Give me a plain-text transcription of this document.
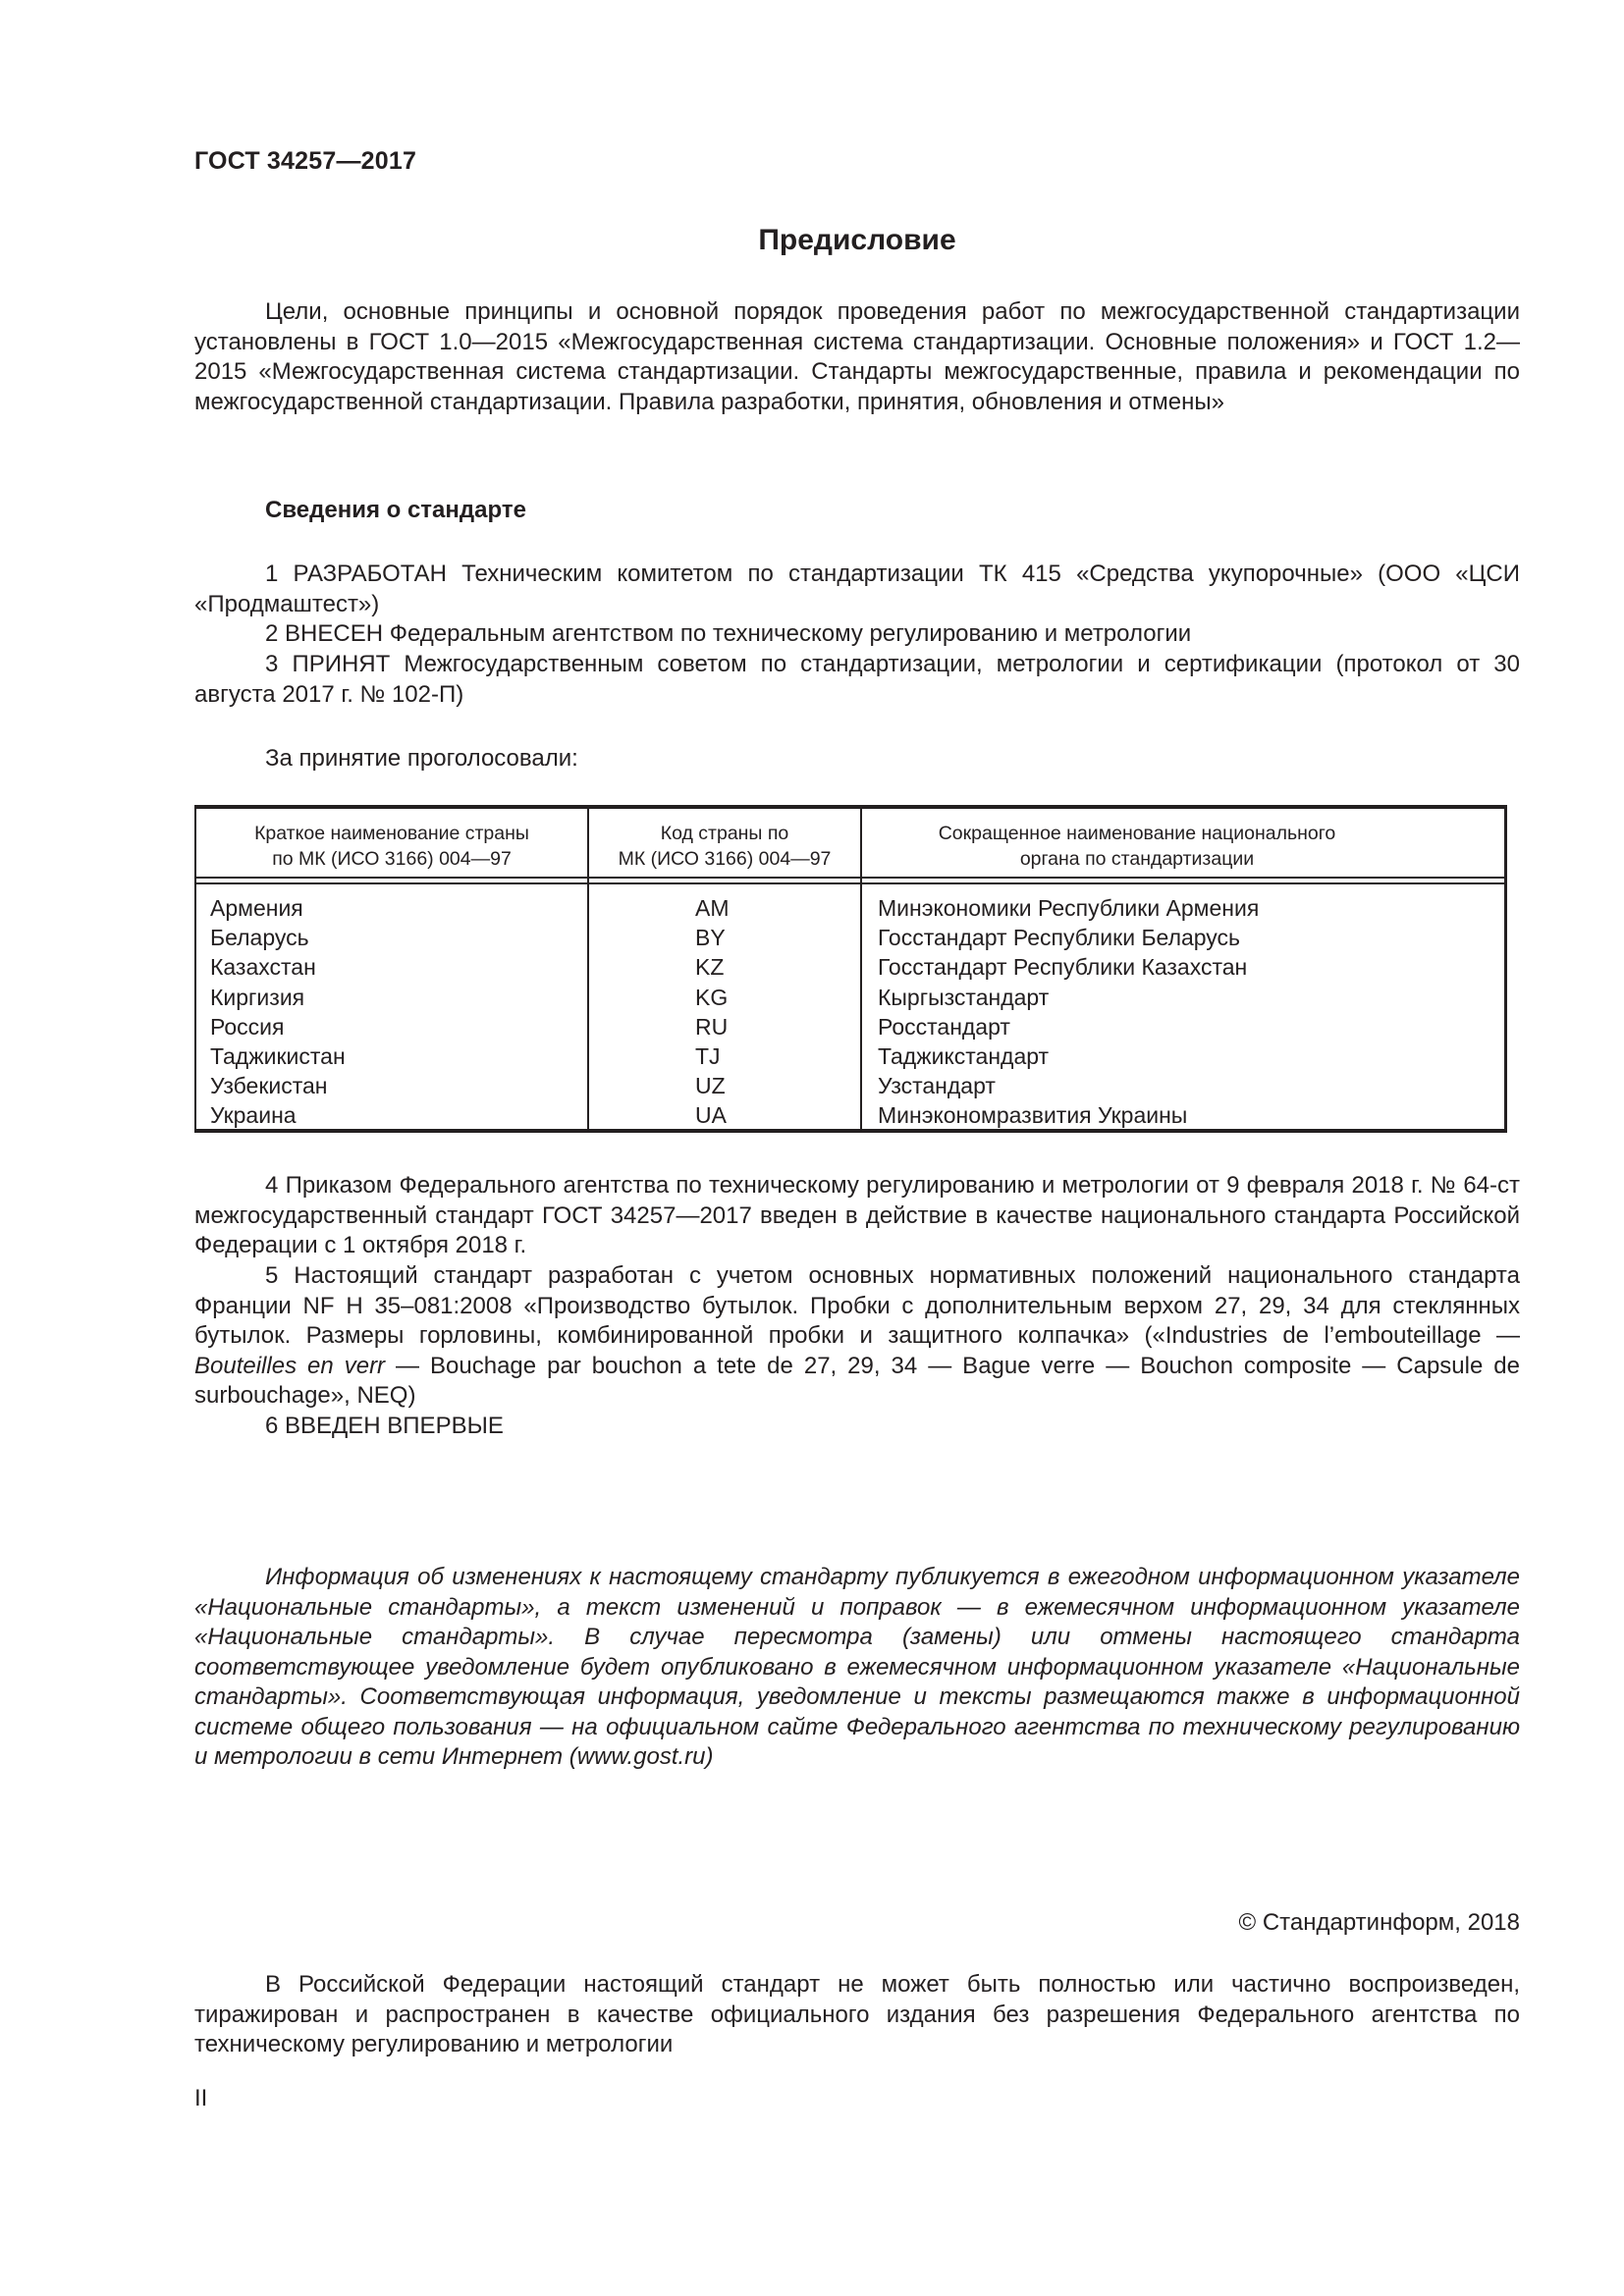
ГОСТ 34257—2017
Предисловие
Цели, основные принципы и основной порядок проведения работ по межгосударственной стандартизации установлены в ГОСТ 1.0—2015 «Межгосударственная система стандартизации. Основные положения» и ГОСТ 1.2—2015 «Межгосударственная система стандартизации. Стандарты межгосударственные, правила и рекомендации по межгосударственной стандартизации. Правила разработки, принятия, обновления и отмены»
Сведения о стандарте
1 РАЗРАБОТАН Техническим комитетом по стандартизации ТК 415 «Средства укупорочные» (ООО «ЦСИ «Продмаштест»)
2 ВНЕСЕН Федеральным агентством по техническому регулированию и метрологии
3 ПРИНЯТ Межгосударственным советом по стандартизации, метрологии и сертификации (протокол от 30 августа 2017 г. № 102-П)
За принятие проголосовали:
Краткое наименование страны
по МК (ИСО 3166) 004—97
Код страны по
МК (ИСО 3166) 004—97
Сокращенное наименование национального
органа по стандартизации
Армения
Беларусь
Казахстан
Киргизия
Россия
Таджикистан
Узбекистан
Украина
AM
BY
KZ
KG
RU
TJ
UZ
UA
Минэкономики Республики Армения
Госстандарт Республики Беларусь
Госстандарт Республики Казахстан
Кыргызстандарт
Росстандарт
Таджикстандарт
Узстандарт
Минэкономразвития Украины
4 Приказом Федерального агентства по техническому регулированию и метрологии от 9 февраля 2018 г. № 64-ст межгосударственный стандарт ГОСТ 34257—2017 введен в действие в качестве национального стандарта Российской Федерации с 1 октября 2018 г.
5 Настоящий стандарт разработан с учетом основных нормативных положений национального стандарта Франции NF H 35–081:2008 «Производство бутылок. Пробки с дополнительным верхом 27, 29, 34 для стеклянных бутылок. Размеры горловины, комбинированной пробки и защитного колпачка» («Industries de l’embouteillage — Bouteilles en verr — Bouchage par bouchon a tete de 27, 29, 34 — Bague verre — Bouchon composite — Capsule de surbouchage», NEQ)
6 ВВЕДЕН ВПЕРВЫЕ
Информация об изменениях к настоящему стандарту публикуется в ежегодном информационном указателе «Национальные стандарты», а текст изменений и поправок — в ежемесячном информационном указателе «Национальные стандарты». В случае пересмотра (замены) или отмены настоящего стандарта соответствующее уведомление будет опубликовано в ежемесячном информационном указателе «Национальные стандарты». Соответствующая информация, уведомление и тексты размещаются также в информационной системе общего пользования — на официальном сайте Федерального агентства по техническому регулированию и метрологии в сети Интернет (www.gost.ru)
© Стандартинформ, 2018
В Российской Федерации настоящий стандарт не может быть полностью или частично воспроизведен, тиражирован и распространен в качестве официального издания без разрешения Федерального агентства по техническому регулированию и метрологии
II
